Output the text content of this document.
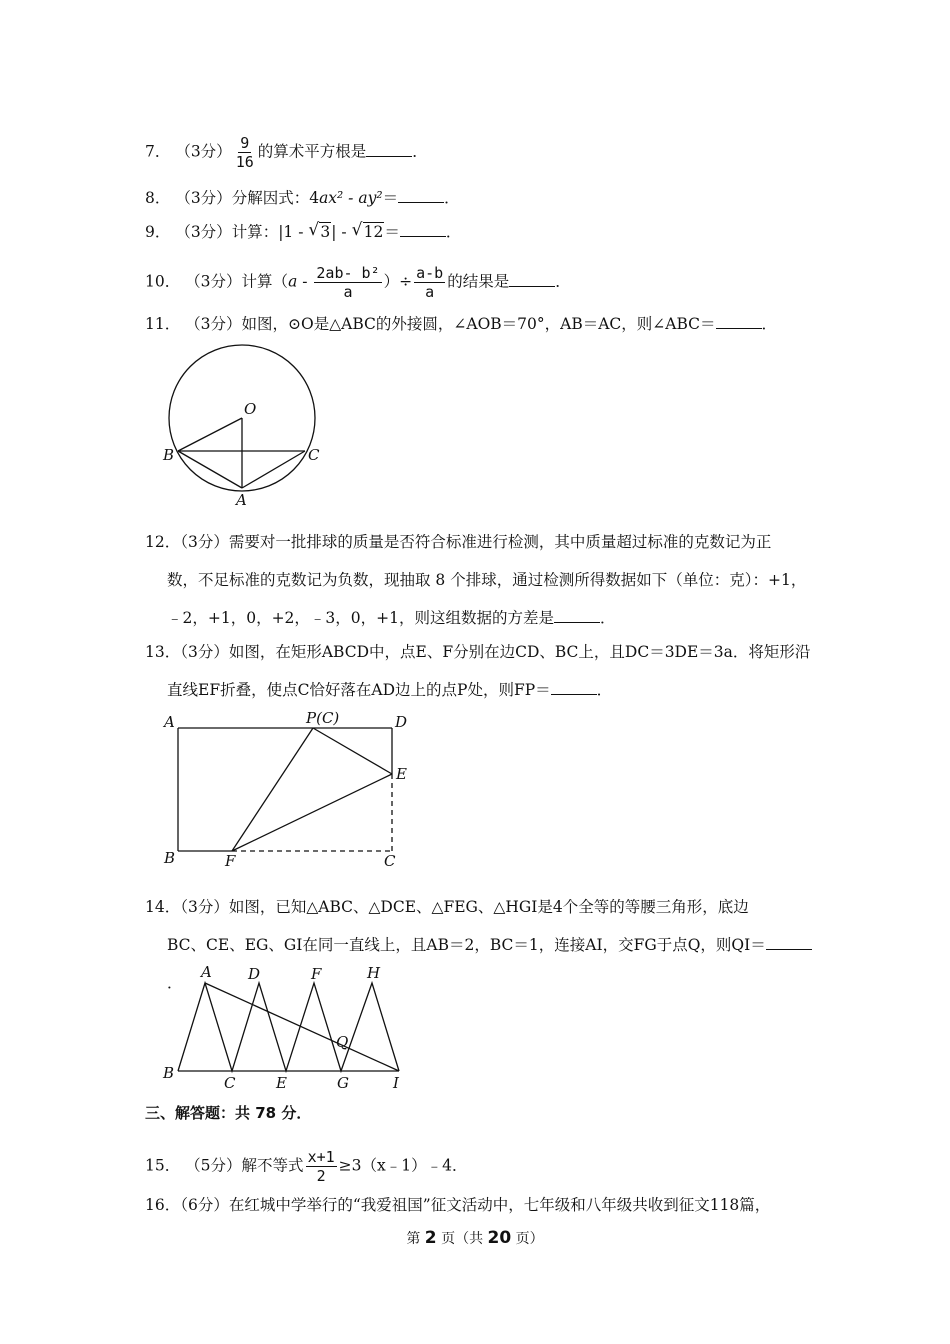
7． （3分） $\frac{9}{16}$ 的算术平方根是	．
8． （3分）分解因式：4ax² - ay²＝	．
9． （3分）计算：|1 - √ 3| - √ 12＝	．
10． （3分）计算（$a - \frac{\text{2ab- b²}}{a}$ ）÷ $\frac{a-b}{a}$ 的结果是	．
11． （3分）如图，⊙O是△ABC的外接圆，∠AOB＝70°，AB＝AC，则∠ABC＝	．
O
B	C
A
12．（3分）需要对一批排球的质量是否符合标准进行检测，其中质量超过标准的克数记为正
数，不足标准的克数记为负数，现抽取 8 个排球，通过检测所得数据如下（单位：克）：+1，
﹣2，+1，0，+2，﹣3，0，+1，则这组数据的方差是	．
13．（3分）如图，在矩形ABCD中，点E、F分别在边CD、BC上，且DC＝3DE＝3a．将矩形沿
直线EF折叠，使点C恰好落在AD边上的点P处，则FP＝	．
A	P(C)	D
E
B	F	C
14．（3分）如图，已知△ABC、△DCE、△FEG、△HGI是4个全等的等腰三角形，底边
BC、CE、EG、GI在同一直线上，且AB＝2，BC＝1，连接AI，交FG于点Q，则QI＝．
A D	F	H
Q
B
C	E	G	I
三、解答题：共 78 分．
15． （5分）解不等式 $\frac{x+1}{2}$ ≥3（x﹣1）﹣4．
16．（6分）在红城中学举行的“我爱祖国”征文活动中，七年级和八年级共收到征文118篇，
第 2 页（共 20 页）
